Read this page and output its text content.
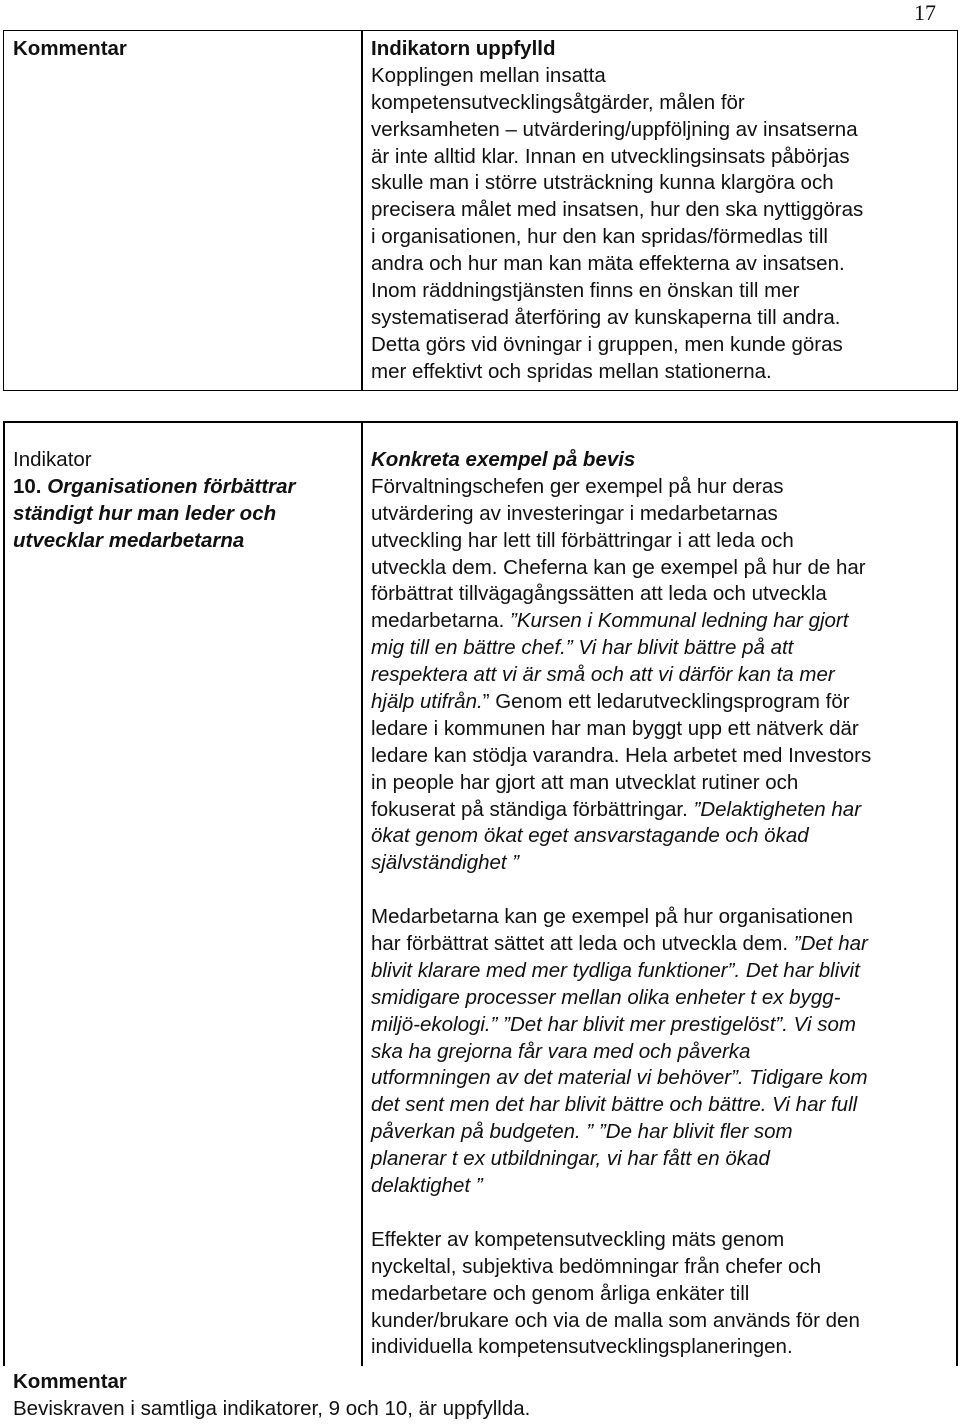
17
Kommentar	Indikatorn uppfylld
Kopplingen mellan insatta
kompetensutvecklingsåtgärder, målen för
verksamheten – utvärdering/uppföljning av insatserna
är inte alltid klar. Innan en utvecklingsinsats påbörjas
skulle man i större utsträckning kunna klargöra och
precisera målet med insatsen, hur den ska nyttiggöras
i organisationen, hur den kan spridas/förmedlas till
andra och hur man kan mäta effekterna av insatsen.
Inom räddningstjänsten finns en önskan till mer
systematiserad återföring av kunskaperna till andra.
Detta görs vid övningar i gruppen, men kunde göras
mer effektivt och spridas mellan stationerna.
Indikator
10. Organisationen förbättrar
ständigt hur man leder och
utvecklar medarbetarna
Konkreta exempel på bevis
Förvaltningschefen ger exempel på hur deras
utvärdering av investeringar i medarbetarnas
utveckling har lett till förbättringar i att leda och
utveckla dem. Cheferna kan ge exempel på hur de har
förbättrat tillvägagångssätten att leda och utveckla
medarbetarna. ”Kursen i Kommunal ledning har gjort
mig till en bättre chef.” Vi har blivit bättre på att
respektera att vi är små och att vi därför kan ta mer
hjälp utifrån.” Genom ett ledarutvecklingsprogram för
ledare i kommunen har man byggt upp ett nätverk där
ledare kan stödja varandra. Hela arbetet med Investors
in people har gjort att man utvecklat rutiner och
fokuserat på ständiga förbättringar. ”Delaktigheten har
ökat genom ökat eget ansvarstagande och ökad
självständighet ”
Medarbetarna kan ge exempel på hur organisationen
har förbättrat sättet att leda och utveckla dem. ”Det har
blivit klarare med mer tydliga funktioner”. Det har blivit
smidigare processer mellan olika enheter t ex bygg-
miljö-ekologi.” ”Det har blivit mer prestigelöst”. Vi som
ska ha grejorna får vara med och påverka
utformningen av det material vi behöver”. Tidigare kom
det sent men det har blivit bättre och bättre. Vi har full
påverkan på budgeten. ” ”De har blivit fler som
planerar t ex utbildningar, vi har fått en ökad
delaktighet ”
Effekter av kompetensutveckling mäts genom
nyckeltal, subjektiva bedömningar från chefer och
medarbetare och genom årliga enkäter till
kunder/brukare och via de malla som används för den
individuella kompetensutvecklingsplaneringen.
Kommentar
Beviskraven i samtliga indikatorer, 9 och 10, är uppfyllda.
